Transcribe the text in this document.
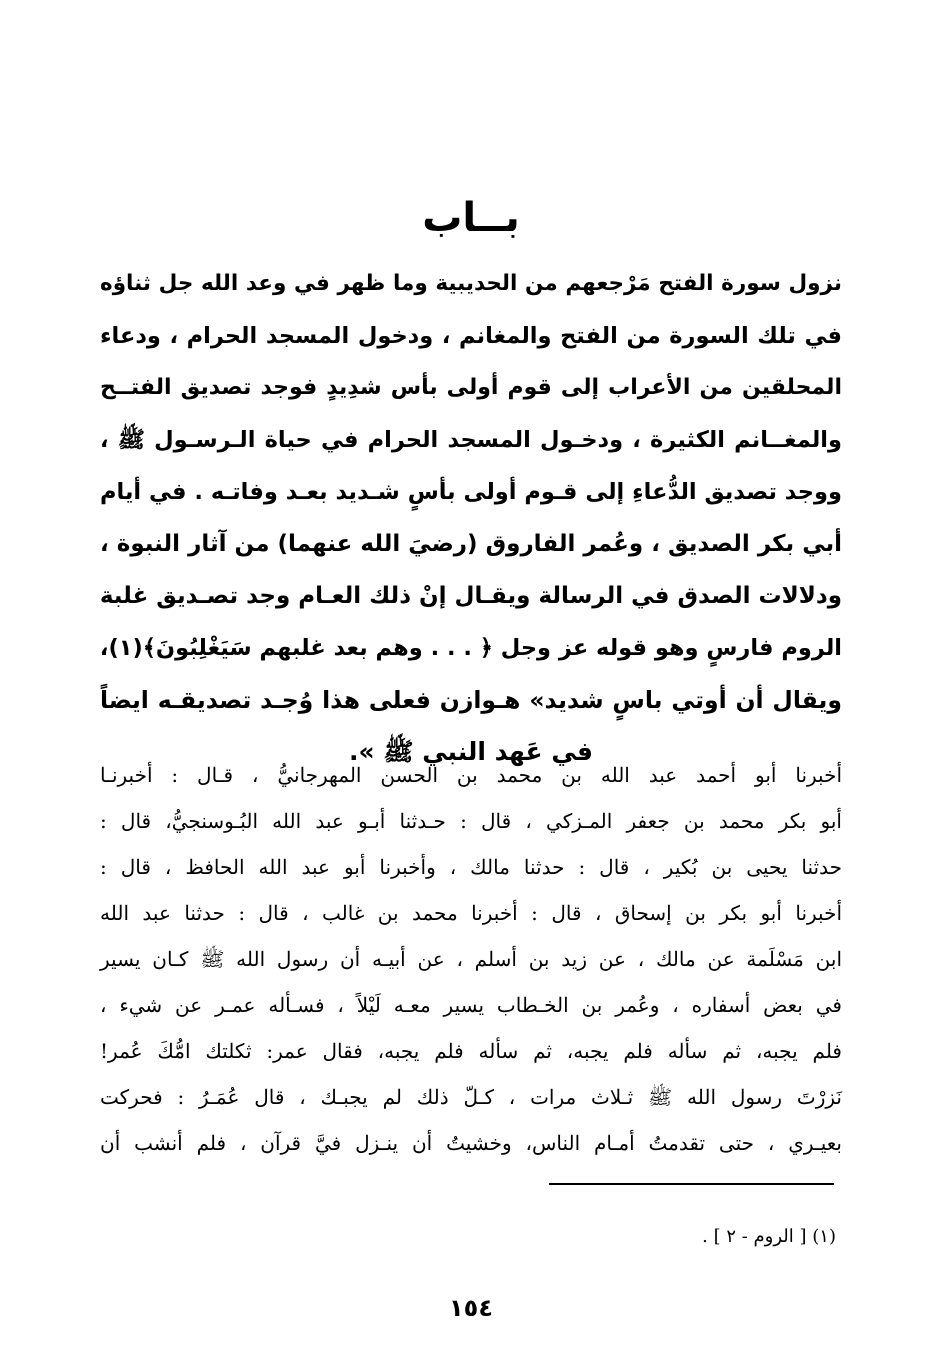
بــاب
نزول سورة الفتح مَرْجعهم من الحديبية وما ظهر في وعد الله جل ثناؤه
في تلك السورة من الفتح والمغانم ، ودخول المسجد الحرام ، ودعاء
المحلقين من الأعراب إلى قوم أولى بأس شدِيدٍ فوجد تصديق الفتــح
والمغــانم الكثيرة ، ودخـول المسجد الحرام في حياة الـرسـول ﷺ ،
ووجد تصديق الدُّعاءِ إلى قـوم أولى بأسٍ شـديد بعـد وفاتـه . في أيام
أبي بكر الصديق ، وعُمر الفاروق (رضيَ الله عنهما) من آثار النبوة ،
ودلالات الصدق في الرسالة ويقـال إنْ ذلك العـام وجد تصـديق غلبة
الروم فارسٍ وهو قوله عز وجل ﴿ . . . وهم بعد غلبهم سَيَغْلِبُونَ﴾(١)،
ويقال أن أوتي باسٍ شديد» هـوازن فعلى هذا وُجـد تصديقـه ايضاً
في عَهد النبي ﷺ ».
أخبرنا أبو أحمد عبد الله بن محمد بن الحسن المهرجانيُّ ، قـال : أخبرنـا
أبو بكر محمد بن جعفر المـزكي ، قال : حـدثنا أبـو عبد الله البُـوسنجيُّ، قال :
حدثنا يحيى بن بُكير ، قال : حدثنا مالك ، وأخبرنا أبو عبد الله الحافظ ، قال :
أخبرنا أبو بكر بن إسحاق ، قال : أخبرنا محمد بن غالب ، قال : حدثنا عبد الله
ابن مَسْلَمة عن مالك ، عن زيد بن أسلم ، عن أبيـه أن رسول الله ﷺ كـان يسير
في بعض أسفاره ، وعُمر بن الخـطاب يسير معـه لَيْلاً ، فسـأله عمـر عن شيء ،
فلم يجبه، ثم سأله فلم يجبه، ثم سأله فلم يجبه، فقال عمر: ثكلتك امُّكَ عُمر!
نَزرْتَ رسول الله ﷺ ثـلاث مرات ، كـلّ ذلك لم يجبـك ، قال عُمَـرُ : فحركت
بعيـري ، حتى تقدمتُ أمـام الناس، وخشيتُ أن ينـزل فيَّ قرآن ، فلم أنشب أن

(١) [ الروم - ٢ ] .

١٥٤
